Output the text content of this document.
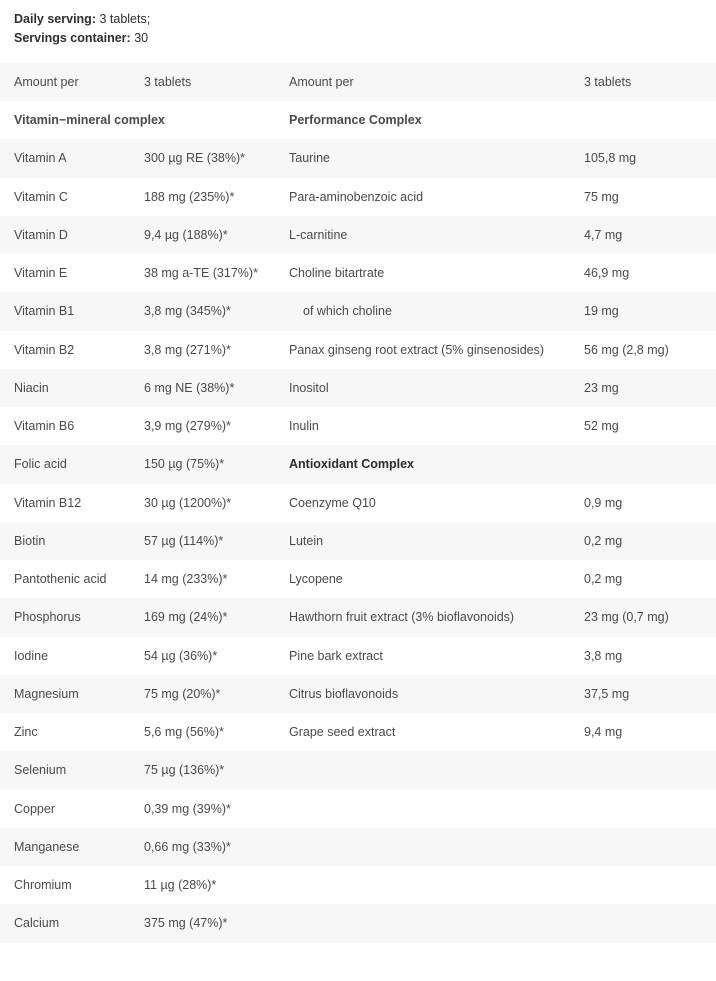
Daily serving: 3 tablets;
Servings container: 30
Amount per	3 tablets	Amount per	3 tablets
Vitamin−mineral complex		Performance Complex	
Vitamin A	300 µg RE (38%)*	Taurine	105,8 mg
Vitamin C	188 mg (235%)*	Para-aminobenzoic acid	75 mg
Vitamin D	9,4 µg (188%)*	L-carnitine	4,7 mg
Vitamin E	38 mg a-TE (317%)*	Choline bitartrate	46,9 mg
Vitamin B1	3,8 mg (345%)*	of which choline	19 mg
Vitamin B2	3,8 mg (271%)*	Panax ginseng root extract (5% ginsenosides)	56 mg (2,8 mg)
Niacin	6 mg NE (38%)*	Inositol	23 mg
Vitamin B6	3,9 mg (279%)*	Inulin	52 mg
Folic acid	150 µg (75%)*	Antioxidant Complex	
Vitamin B12	30 µg (1200%)*	Coenzyme Q10	0,9 mg
Biotin	57 µg (114%)*	Lutein	0,2 mg
Pantothenic acid	14 mg (233%)*	Lycopene	0,2 mg
Phosphorus	169 mg (24%)*	Hawthorn fruit extract (3% bioflavonoids)	23 mg (0,7 mg)
Iodine	54 µg (36%)*	Pine bark extract	3,8 mg
Magnesium	75 mg (20%)*	Citrus bioflavonoids	37,5 mg
Zinc	5,6 mg (56%)*	Grape seed extract	9,4 mg
Selenium	75 µg (136%)*		
Copper	0,39 mg (39%)*		
Manganese	0,66 mg (33%)*		
Chromium	11 µg (28%)*		
Calcium	375 mg (47%)*		
